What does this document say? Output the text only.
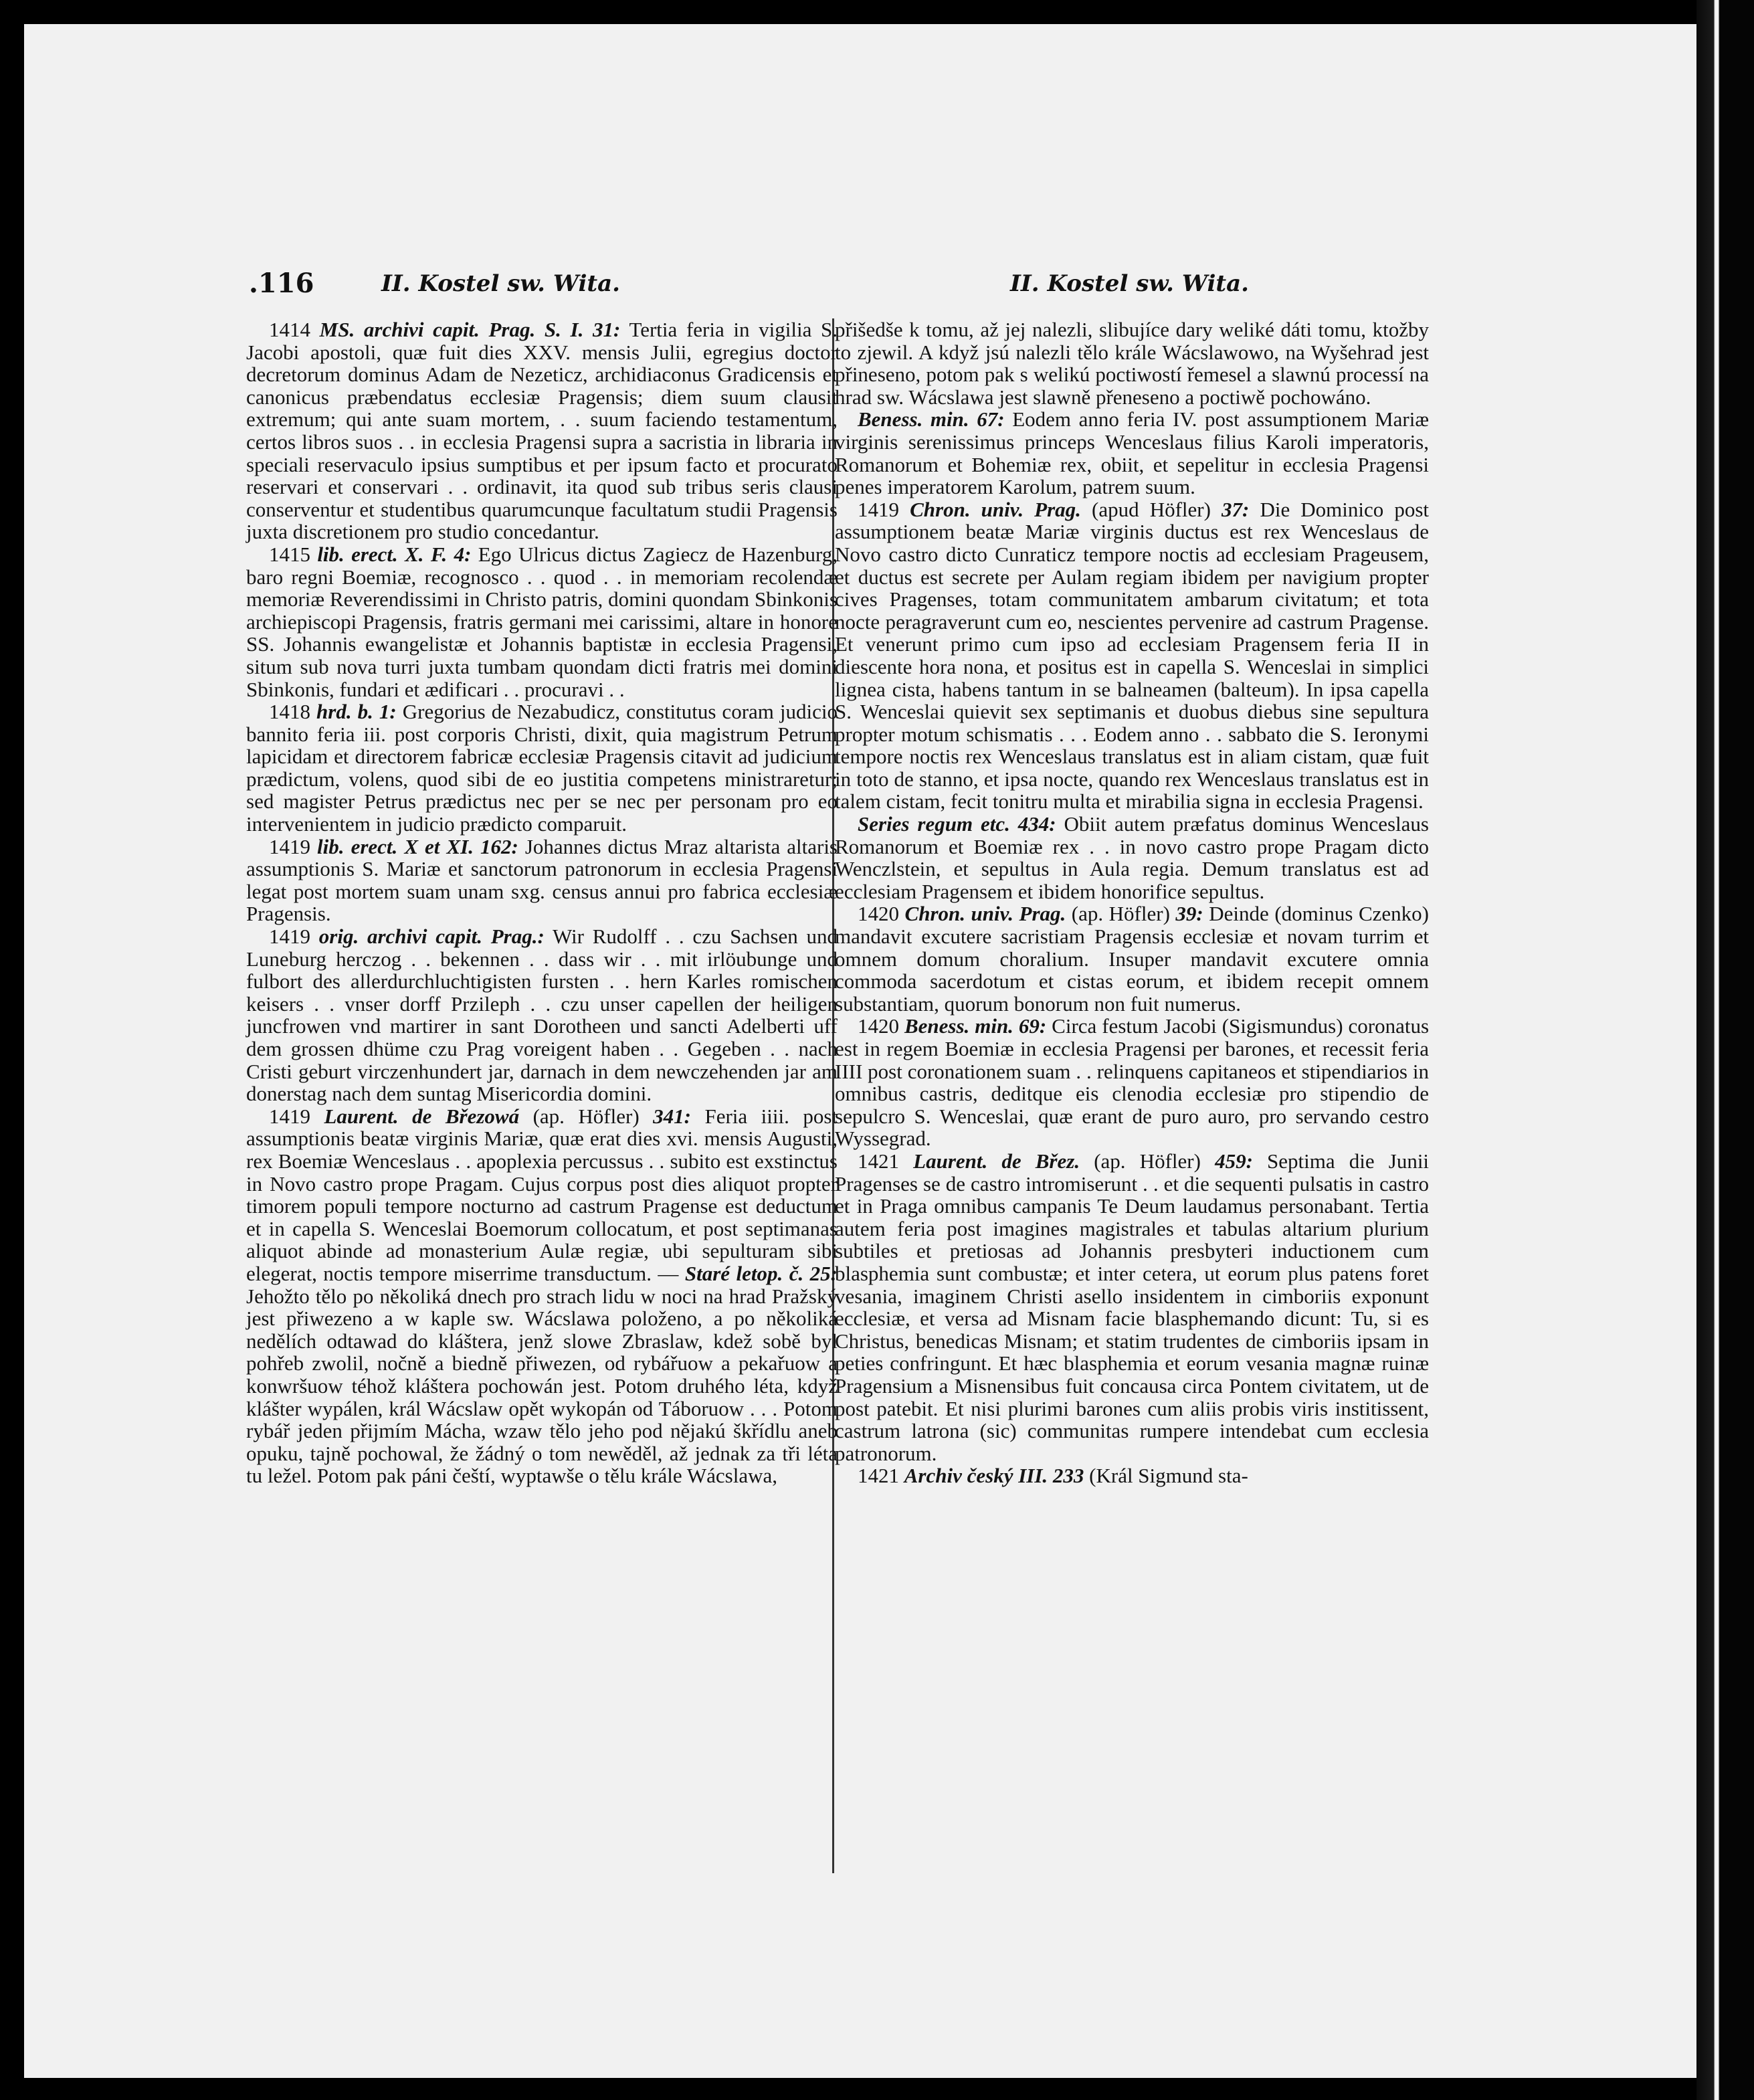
.116	II. Kostel sw. Wita.	II. Kostel sw. Wita.

1414 MS. archivi capit. Prag. S. I. 31: Tertia feria in vigilia S. Jacobi apostoli, quæ fuit dies XXV. mensis Julii, egregius doctor decretorum dominus Adam de Nezeticz, archidiaconus Gradicensis et canonicus præbendatus ecclesiæ Pragensis; diem suum clausit extremum; qui ante suam mortem, . . suum faciendo testamentum, certos libros suos . . in ecclesia Pragensi supra a sacristia in libraria in speciali reservaculo ipsius sumptibus et per ipsum facto et procurato reservari et conservari . . ordinavit, ita quod sub tribus seris clausi conserventur et studentibus quarumcunque facultatum studii Pragensis juxta discretionem pro studio concedantur.

1415 lib. erect. X. F. 4: Ego Ulricus dictus Zagiecz de Hazenburg, baro regni Boemiæ, recognosco . . quod . . in memoriam recolendæ memoriæ Reverendissimi in Christo patris, domini quondam Sbinkonis archiepiscopi Pragensis, fratris germani mei carissimi, altare in honore SS. Johannis ewangelistæ et Johannis baptistæ in ecclesia Pragensi, situm sub nova turri juxta tumbam quondam dicti fratris mei domini Sbinkonis, fundari et ædificari . . procuravi . .

1418 hrd. b. 1: Gregorius de Nezabudicz, constitutus coram judicio bannito feria iii. post corporis Christi, dixit, quia magistrum Petrum lapicidam et directorem fabricæ ecclesiæ Pragensis citavit ad judicium prædictum, volens, quod sibi de eo justitia competens ministraretur; sed magister Petrus prædictus nec per se nec per personam pro eo intervenientem in judicio prædicto comparuit.

1419 lib. erect. X et XI. 162: Johannes dictus Mraz altarista altaris assumptionis S. Mariæ et sanctorum patronorum in ecclesia Pragensi legat post mortem suam unam sxg. census annui pro fabrica ecclesiæ Pragensis.

1419 orig. archivi capit. Prag.: Wir Rudolff . . czu Sachsen und Luneburg herczog . . bekennen . . dass wir . . mit irlöubunge und fulbort des allerdurchluchtigisten fursten . . hern Karles romischen keisers . . vnser dorff Przileph . . czu unser capellen der heiligen juncfrowen vnd martirer in sant Dorotheen und sancti Adelberti uff dem grossen dhüme czu Prag voreigent haben . . Gegeben . . nach Cristi geburt virczenhundert jar, darnach in dem newczehenden jar am donerstag nach dem suntag Misericordia domini.

1419 Laurent. de Březowá (ap. Höfler) 341: Feria iiii. post assumptionis beatæ virginis Mariæ, quæ erat dies xvi. mensis Augusti, rex Boemiæ Wenceslaus . . apoplexia percussus . . subito est exstinctus in Novo castro prope Pragam. Cujus corpus post dies aliquot propter timorem populi tempore nocturno ad castrum Pragense est deductum et in capella S. Wenceslai Boemorum collocatum, et post septimanas aliquot abinde ad monasterium Aulæ regiæ, ubi sepulturam sibi elegerat, noctis tempore miserrime transductum. — Staré letop. č. 25: Jehožto tělo po několiká dnech pro strach lidu w noci na hrad Pražský jest přiwezeno a w kaple sw. Wácslawa položeno, a po několiká nedělích odtawad do kláštera, jenž slowe Zbraslaw, kdež sobě byl pohřeb zwolil, nočně a biedně přiwezen, od rybářuow a pekařuow a konwršuow téhož kláštera pochowán jest. Potom druhého léta, když klášter wypálen, král Wácslaw opět wykopán od Táboruow . . . Potom rybář jeden přijmím Mácha, wzaw tělo jeho pod nějakú škřídlu aneb opuku, tajně pochowal, že žádný o tom newěděl, až jednak za tři léta tu ležel. Potom pak páni čeští, wyptawše o tělu krále Wácslawa,

přišedše k tomu, až jej nalezli, slibujíce dary weliké dáti tomu, ktožby to zjewil. A když jsú nalezli tělo krále Wácslawowo, na Wyšehrad jest přineseno, potom pak s welikú poctiwostí řemesel a slawnú processí na hrad sw. Wácslawa jest slawně přeneseno a poctiwě pochowáno.

Beness. min. 67: Eodem anno feria IV. post assumptionem Mariæ virginis serenissimus princeps Wenceslaus filius Karoli imperatoris, Romanorum et Bohemiæ rex, obiit, et sepelitur in ecclesia Pragensi penes imperatorem Karolum, patrem suum.

1419 Chron. univ. Prag. (apud Höfler) 37: Die Dominico post assumptionem beatæ Mariæ virginis ductus est rex Wenceslaus de Novo castro dicto Cunraticz tempore noctis ad ecclesiam Prageusem, et ductus est secrete per Aulam regiam ibidem per navigium propter cives Pragenses, totam communitatem ambarum civitatum; et tota nocte peragraverunt cum eo, nescientes pervenire ad castrum Pragense. Et venerunt primo cum ipso ad ecclesiam Pragensem feria II in diescente hora nona, et positus est in capella S. Wenceslai in simplici lignea cista, habens tantum in se balneamen (balteum). In ipsa capella S. Wenceslai quievit sex septimanis et duobus diebus sine sepultura propter motum schismatis . . . Eodem anno . . sabbato die S. Ieronymi tempore noctis rex Wenceslaus translatus est in aliam cistam, quæ fuit in toto de stanno, et ipsa nocte, quando rex Wenceslaus translatus est in talem cistam, fecit tonitru multa et mirabilia signa in ecclesia Pragensi.

Series regum etc. 434: Obiit autem præfatus dominus Wenceslaus Romanorum et Boemiæ rex . . in novo castro prope Pragam dicto Wenczlstein, et sepultus in Aula regia. Demum translatus est ad ecclesiam Pragensem et ibidem honorifice sepultus.

1420 Chron. univ. Prag. (ap. Höfler) 39: Deinde (dominus Czenko) mandavit excutere sacristiam Pragensis ecclesiæ et novam turrim et omnem domum choralium. Insuper mandavit excutere omnia commoda sacerdotum et cistas eorum, et ibidem recepit omnem substantiam, quorum bonorum non fuit numerus.

1420 Beness. min. 69: Circa festum Jacobi (Sigismundus) coronatus est in regem Boemiæ in ecclesia Pragensi per barones, et recessit feria IIII post coronationem suam . . relinquens capitaneos et stipendiarios in omnibus castris, deditque eis clenodia ecclesiæ pro stipendio de sepulcro S. Wenceslai, quæ erant de puro auro, pro servando cestro Wyssegrad.

1421 Laurent. de Břez. (ap. Höfler) 459: Septima die Junii Pragenses se de castro intromiserunt . . et die sequenti pulsatis in castro et in Praga omnibus campanis Te Deum laudamus personabant. Tertia autem feria post imagines magistrales et tabulas altarium plurium subtiles et pretiosas ad Johannis presbyteri inductionem cum blasphemia sunt combustæ; et inter cetera, ut eorum plus patens foret vesania, imaginem Christi asello insidentem in cimboriis exponunt ecclesiæ, et versa ad Misnam facie blasphemando dicunt: Tu, si es Christus, benedicas Misnam; et statim trudentes de cimboriis ipsam in peties confringunt. Et hæc blasphemia et eorum vesania magnæ ruinæ Pragensium a Misnensibus fuit concausa circa Pontem civitatem, ut de post patebit. Et nisi plurimi barones cum aliis probis viris institissent, castrum latrona (sic) communitas rumpere intendebat cum ecclesia patronorum.

1421 Archiv český III. 233 (Král Sigmund sta-
